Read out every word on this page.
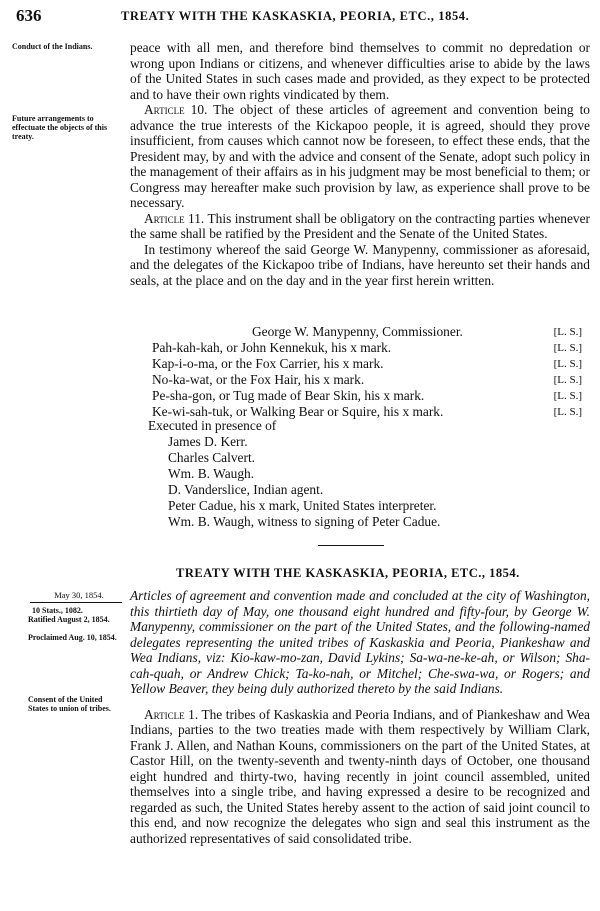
636	TREATY WITH THE KASKASKIA, PEORIA, ETC., 1854.
Conduct of the Indians.
Future arrangements to effectuate the objects of this treaty.

peace with all men, and therefore bind themselves to commit no depredation or wrong upon Indians or citizens, and whenever difficulties arise to abide by the laws of the United States in such cases made and provided, as they expect to be protected and to have their own rights vindicated by them.

Article 10. The object of these articles of agreement and convention being to advance the true interests of the Kickapoo people, it is agreed, should they prove insufficient, from causes which cannot now be foreseen, to effect these ends, that the President may, by and with the advice and consent of the Senate, adopt such policy in the management of their affairs as in his judgment may be most beneficial to them; or Congress may hereafter make such provision by law, as experience shall prove to be necessary.

Article 11. This instrument shall be obligatory on the contracting parties whenever the same shall be ratified by the President and the Senate of the United States.

In testimony whereof the said George W. Manypenny, commissioner as aforesaid, and the delegates of the Kickapoo tribe of Indians, have hereunto set their hands and seals, at the place and on the day and in the year first herein written.

George W. Manypenny, Commissioner.	[L. S.]
Pah-kah-kah, or John Kennekuk, his x mark.	[L. S.]
Kap-i-o-ma, or the Fox Carrier, his x mark.	[L. S.]
No-ka-wat, or the Fox Hair, his x mark.	[L. S.]
Pe-sha-gon, or Tug made of Bear Skin, his x mark.	[L. S.]
Ke-wi-sah-tuk, or Walking Bear or Squire, his x mark.	[L. S.]
Executed in presence of
James D. Kerr.
Charles Calvert.
Wm. B. Waugh.
D. Vanderslice, Indian agent.
Peter Cadue, his x mark, United States interpreter.
Wm. B. Waugh, witness to signing of Peter Cadue.
TREATY WITH THE KASKASKIA, PEORIA, ETC., 1854.
May 30, 1854.
10 Stats., 1082.
Ratified August 2, 1854.
Proclaimed Aug. 10, 1854.
Consent of the United States to union of tribes.

Articles of agreement and convention made and concluded at the city of Washington, this thirtieth day of May, one thousand eight hundred and fifty-four, by George W. Manypenny, commissioner on the part of the United States, and the following-named delegates representing the united tribes of Kaskaskia and Peoria, Piankeshaw and Wea Indians, viz: Kio-kaw-mo-zan, David Lykins; Sa-wa-ne-ke-ah, or Wilson; Sha-cah-quah, or Andrew Chick; Ta-ko-nah, or Mitchel; Che-swa-wa, or Rogers; and Yellow Beaver, they being duly authorized thereto by the said Indians.

Article 1. The tribes of Kaskaskia and Peoria Indians, and of Piankeshaw and Wea Indians, parties to the two treaties made with them respectively by William Clark, Frank J. Allen, and Nathan Kouns, commissioners on the part of the United States, at Castor Hill, on the twenty-seventh and twenty-ninth days of October, one thousand eight hundred and thirty-two, having recently in joint council assembled, united themselves into a single tribe, and having expressed a desire to be recognized and regarded as such, the United States hereby assent to the action of said joint council to this end, and now recognize the delegates who sign and seal this instrument as the authorized representatives of said consolidated tribe.
